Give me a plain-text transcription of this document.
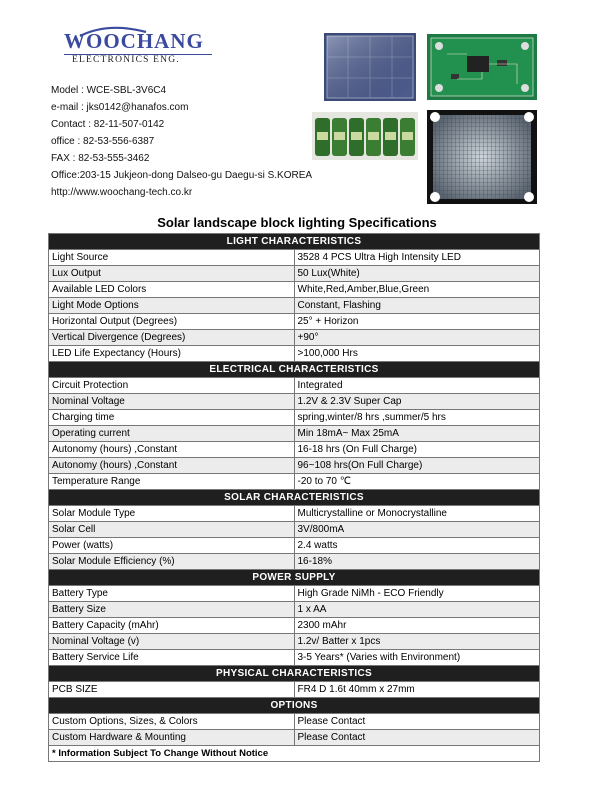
WOOCHANG
ELECTRONICS ENG.
Model : WCE-SBL-3V6C4
e-mail : jks0142@hanafos.com
Contact : 82-11-507-0142
office : 82-53-556-6387
FAX : 82-53-555-3462
Office:203-15 Jukjeon-dong Dalseo-gu Daegu-si S.KOREA
http://www.woochang-tech.co.kr
Solar landscape block lighting Specifications
LIGHT CHARACTERISTICS	
Light Source	3528 4 PCS Ultra High Intensity LED
Lux Output	50 Lux(White)
Available LED Colors	White,Red,Amber,Blue,Green
Light Mode Options	Constant, Flashing
Horizontal Output (Degrees)	25° + Horizon
Vertical Divergence (Degrees)	+90°
LED Life Expectancy (Hours)	>100,000 Hrs
ELECTRICAL CHARACTERISTICS	
Circuit Protection	Integrated
Nominal Voltage	1.2V & 2.3V Super Cap
Charging time	spring,winter/8 hrs ,summer/5 hrs
Operating current	Min 18mA~ Max 25mA
Autonomy (hours) ,Constant	16-18 hrs (On Full Charge)
Autonomy (hours) ,Constant	96~108 hrs(On Full Charge)
Temperature Range	-20 to 70 ℃
SOLAR CHARACTERISTICS	
Solar Module Type	Multicrystalline or Monocrystalline
Solar Cell	3V/800mA
Power (watts)	2.4 watts
Solar Module Efficiency (%)	16-18%
POWER SUPPLY	
Battery Type	High Grade NiMh - ECO Friendly
Battery Size	1 x AA
Battery Capacity (mAhr)	2300 mAhr
Nominal Voltage (v)	1.2v/ Batter x 1pcs
Battery Service Life	3-5 Years* (Varies with Environment)
PHYSICAL CHARACTERISTICS	
PCB SIZE	FR4 D 1.6t 40mm x 27mm
OPTIONS	
Custom Options, Sizes, & Colors	Please Contact
Custom Hardware & Mounting	Please Contact
* Information Subject To Change Without Notice	
